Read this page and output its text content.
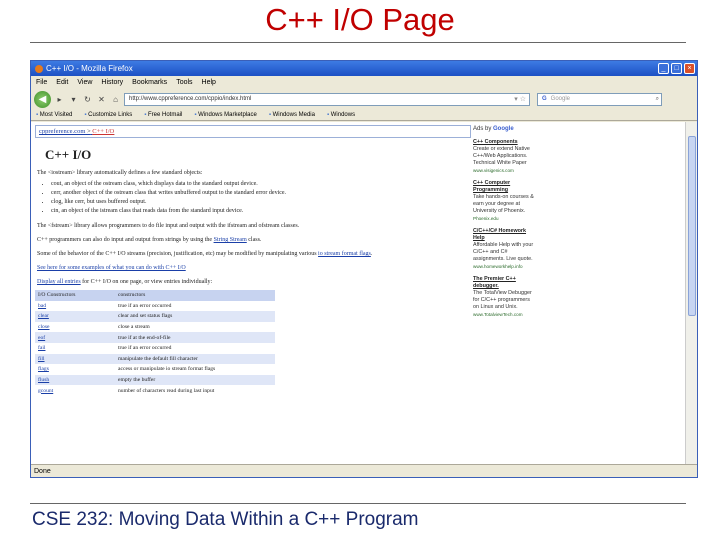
C++ I/O Page
C++ I/O - Mozilla Firefox	_	□	×
File Edit View History Bookmarks Tools Help
◀	▸	▾	↻ ✕	⌂	http://www.cppreference.com/cppio/index.html	▾ ☆	G Google	⌕
▪ Most Visited	▪ Customize Links	▪ Free Hotmail	▪ Windows Marketplace	▪ Windows Media	▪ Windows
cppreference.com > C++ I/O
C++ I/O

The <iostream> library automatically defines a few standard objects:

• cout, an object of the ostream class, which displays data to the standard output device.
• cerr, another object of the ostream class that writes unbuffered output to the standard error device.
• clog, like cerr, but uses buffered output.
• cin, an object of the istream class that reads data from the standard input device.

The <fstream> library allows programmers to do file input and output with the ifstream and ofstream classes.

C++ programmers can also do input and output from strings by using the String Stream class.

Some of the behavior of the C++ I/O streams (precision, justification, etc) may be modified by manipulating various io stream format flags.

See here for some examples of what you can do with C++ I/O

Display all entries for C++ I/O on one page, or view entries individually:

I/O Constructors	constructors
bad	true if an error occurred
clear	clear and set status flags
close	close a stream
eof	true if at the end-of-file
fail	true if an error occurred
fill	manipulate the default fill character
flags	access or manipulate io stream format flags
flush	empty the buffer
gcount	number of characters read during last input
Ads by Google
C++ Components
Create or extend Native C++/Web Applications. Technical White Paper
www.visigenics.com
C++ Computer Programming
Take hands-on courses & earn your degree at University of Phoenix.
Phoenix.edu
C/C++/C# Homework Help
Affordable Help with your C/C++ and C# assignments. Live quote.
www.homeworkhelp.info
The Premier C++ debugger.
The TotalView Debugger for C/C++ programmers on Linux and Unix.
www.TotalviewTech.com
Done
CSE 232: Moving Data Within a C++ Program
